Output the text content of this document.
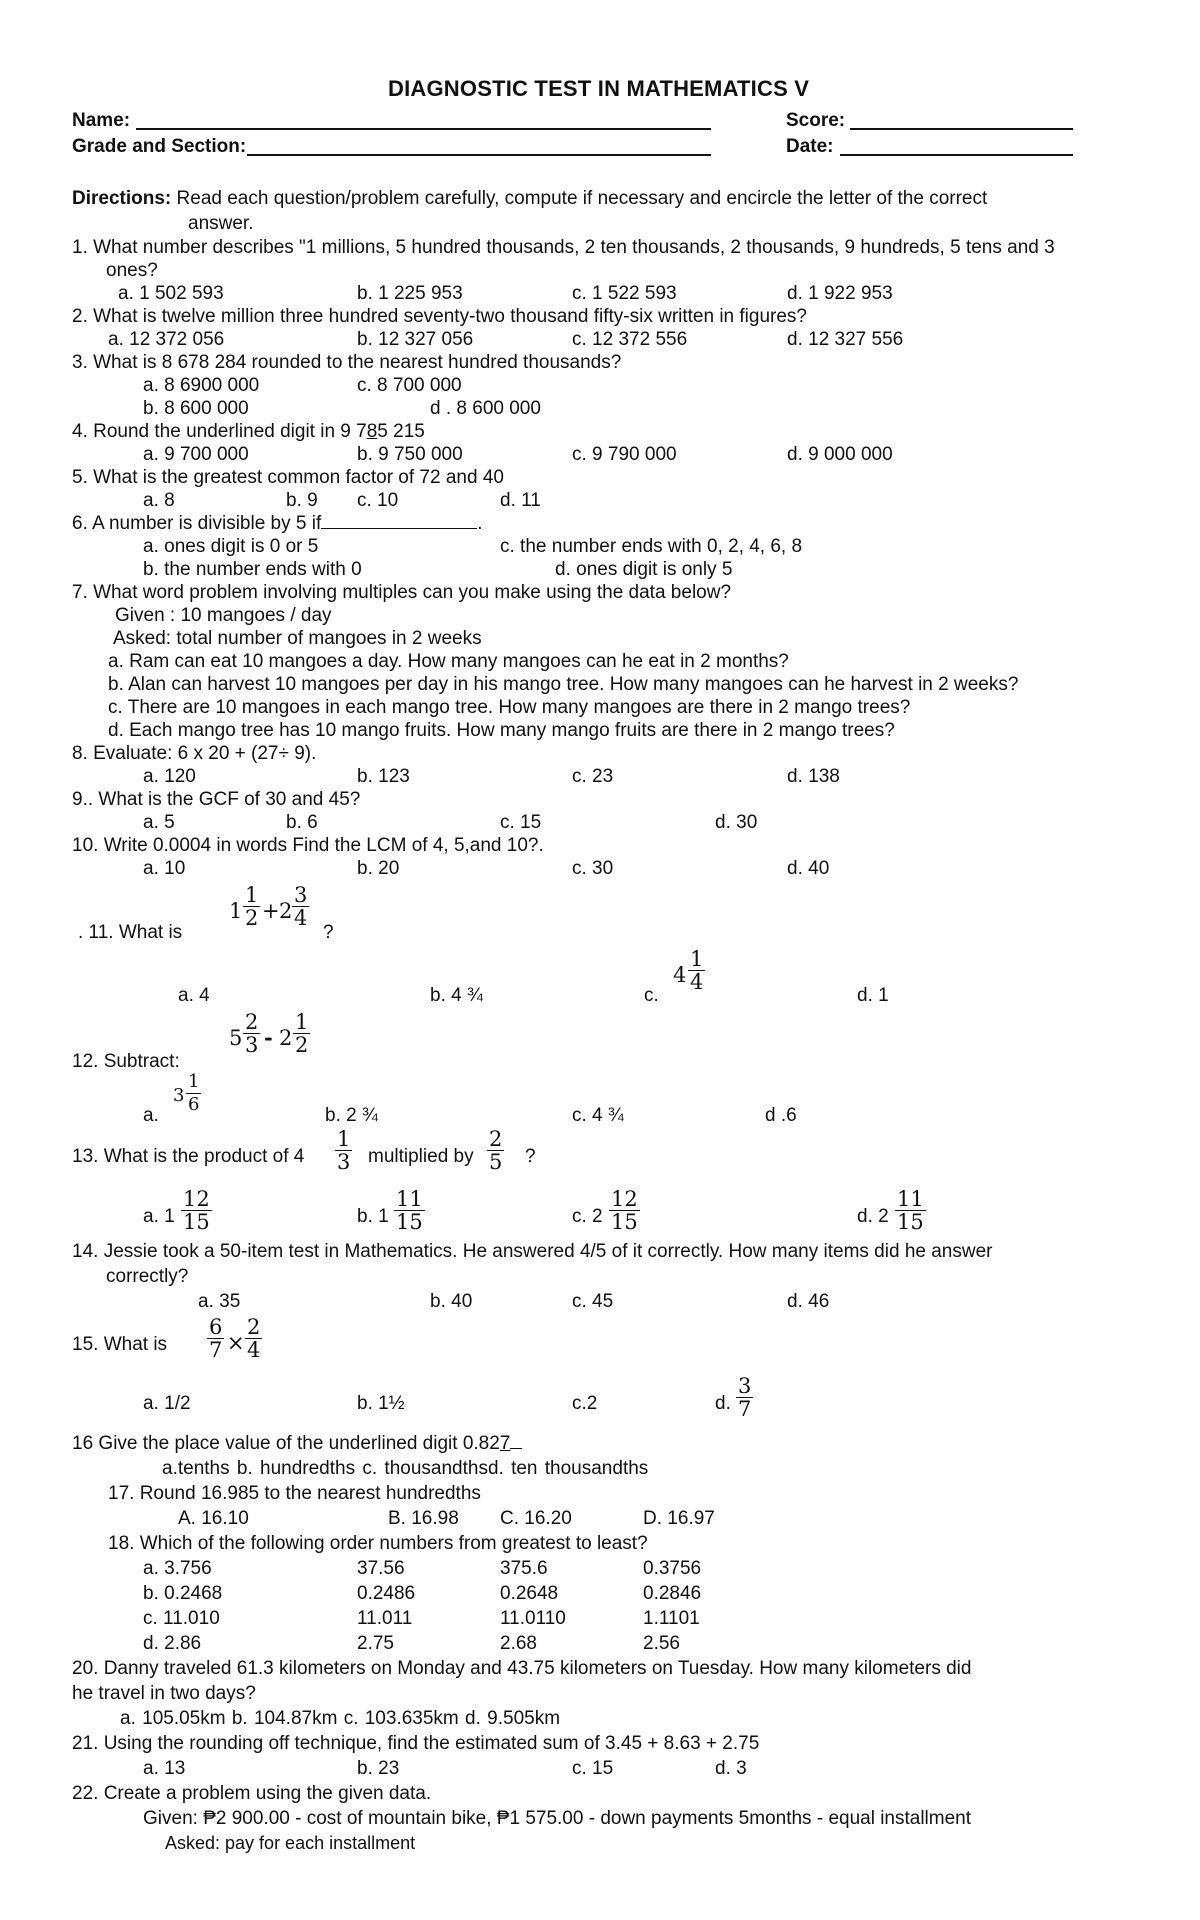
DIAGNOSTIC TEST IN MATHEMATICS V
Name:	Score:
Grade and Section:	Date:
Directions: Read each question/problem carefully, compute if necessary and encircle the letter of the correct
answer.
1. What number describes "1 millions, 5 hundred thousands, 2 ten thousands, 2 thousands, 9 hundreds, 5 tens and 3
ones?
a. 1 502 593	b. 1 225 953	c. 1 522 593	d. 1 922 953
2. What is twelve million three hundred seventy-two thousand fifty-six written in figures?
a. 12 372 056	b. 12 327 056	c. 12 372 556	d. 12 327 556
3. What is 8 678 284 rounded to the nearest hundred thousands?
a. 8 6900 000	c. 8 700 000
b. 8 600 000	d . 8 600 000
4. Round the underlined digit in 9 785 215
a. 9 700 000	b. 9 750 000	c. 9 790 000	d. 9 000 000
5. What is the greatest common factor of 72 and 40
a. 8	b. 9 c. 10	d. 11
6. A number is divisible by 5 if	.
a. ones digit is 0 or 5	c. the number ends with 0, 2, 4, 6, 8
b. the number ends with 0	d. ones digit is only 5
7. What word problem involving multiples can you make using the data below?
Given : 10 mangoes / day
Asked: total number of mangoes in 2 weeks
a. Ram can eat 10 mangoes a day. How many mangoes can he eat in 2 months?
b. Alan can harvest 10 mangoes per day in his mango tree. How many mangoes can he harvest in 2 weeks?
c. There are 10 mangoes in each mango tree. How many mangoes are there in 2 mango trees?
d. Each mango tree has 10 mango fruits. How many mango fruits are there in 2 mango trees?
8. Evaluate: 6 x 20 + (27÷ 9).
a. 120	b. 123	c. 23	d. 138
9.. What is the GCF of 30 and 45?
a. 5	b. 6	c. 15	d. 30
10. Write 0.0004 in words Find the LCM of 4, 5,and 10?.
a. 10	b. 20	c. 30	d. 40
. 11. What is
$1 \frac{1}{2} + 2 \frac{3}{4}$
?
a. 4	b. 4 ¾	c.
$4 \frac{1}{4}$
d. 1
$5 \frac{2}{3} - 2 \frac{1}{2}$
12. Subtract:
a.
$3 \frac{1}{6}$	b. 2 ¾	c. 4 ¾	d .6
13. What is the product of $4 \frac{1}{3}$ multiplied by $\frac{2}{5}$ ?
a. $1 \frac{12}{15}$	b. $1 \frac{11}{15}$	c. $2 \frac{12}{15}$	d. $2 \frac{11}{15}$
14. Jessie took a 50-item test in Mathematics. He answered 4/5 of it correctly. How many items did he answer
correctly?
a. 35	b. 40	c. 45	d. 46
15. What is $\frac{6}{7} \times \frac{2}{4}$
a. 1/2	b. 1½	c.2	d. $\frac{3}{7}$
16 Give the place value of the underlined digit 0.827
a.tenths b. hundredths c. thousandthsd. ten thousandths
17. Round 16.985 to the nearest hundredths
A. 16.10	B. 16.98 C. 16.20	D. 16.97
18. Which of the following order numbers from greatest to least?
a. 3.756	37.56	375.6	0.3756
b. 0.2468	0.2486	0.2648	0.2846
c. 11.010	11.011	11.0110	1.1101
d. 2.86	2.75	2.68	2.56
20. Danny traveled 61.3 kilometers on Monday and 43.75 kilometers on Tuesday. How many kilometers did
he travel in two days?
a. 105.05km b. 104.87km c. 103.635km d. 9.505km
21. Using the rounding off technique, find the estimated sum of 3.45 + 8.63 + 2.75
a. 13	b. 23	c. 15	d. 3
22. Create a problem using the given data.
Given: ₱2 900.00 - cost of mountain bike, ₱1 575.00 - down payments 5months - equal installment
Asked: pay for each installment
